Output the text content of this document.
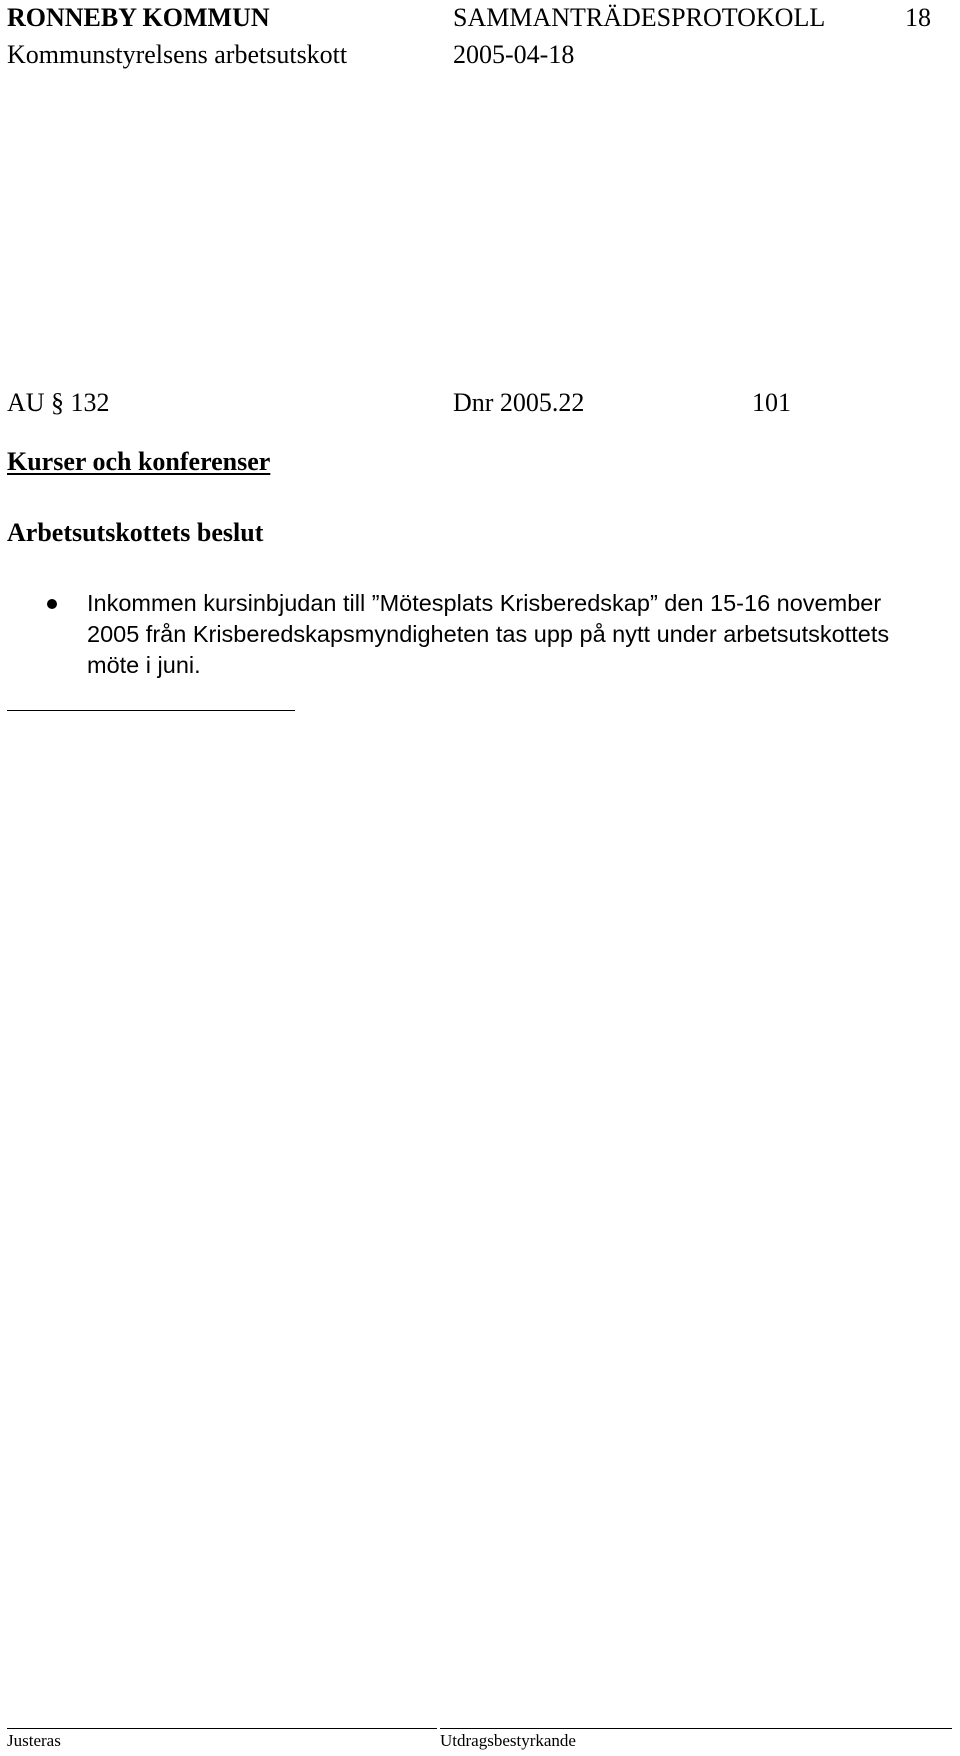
RONNEBY KOMMUN	SAMMANTRÄDESPROTOKOLL	18
Kommunstyrelsens arbetsutskott	2005-04-18
AU § 132	Dnr 2005.22	101
Kurser och konferenser
Arbetsutskottets beslut
Inkommen kursinbjudan till ”Mötesplats Krisberedskap” den 15-16 november
2005 från Krisberedskapsmyndigheten tas upp på nytt under arbetsutskottets
möte i juni.
Justeras	Utdragsbestyrkande
